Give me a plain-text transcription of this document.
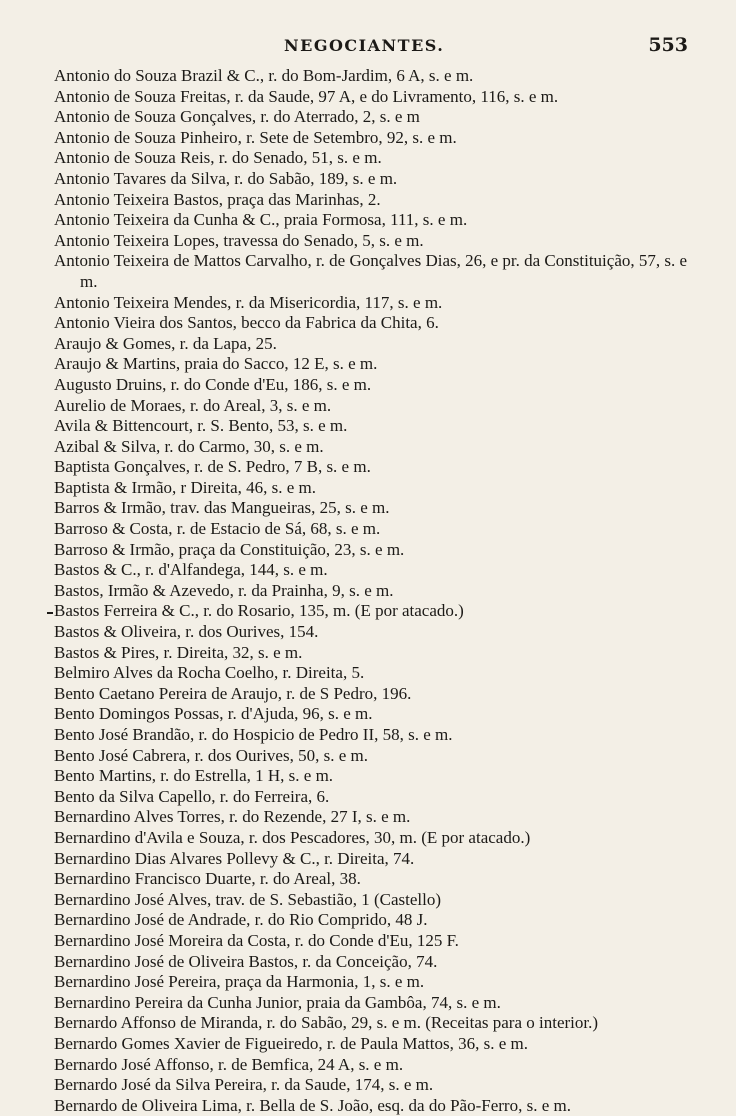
NEGOCIANTES.	553
Antonio do Souza Brazil & C., r. do Bom-Jardim, 6 A, s. e m.
Antonio de Souza Freitas, r. da Saude, 97 A, e do Livramento, 116, s. e m.
Antonio de Souza Gonçalves, r. do Aterrado, 2, s. e m
Antonio de Souza Pinheiro, r. Sete de Setembro, 92, s. e m.
Antonio de Souza Reis, r. do Senado, 51, s. e m.
Antonio Tavares da Silva, r. do Sabão, 189, s. e m.
Antonio Teixeira Bastos, praça das Marinhas, 2.
Antonio Teixeira da Cunha & C., praia Formosa, 111, s. e m.
Antonio Teixeira Lopes, travessa do Senado, 5, s. e m.
Antonio Teixeira de Mattos Carvalho, r. de Gonçalves Dias, 26, e pr. da Constituição, 57, s. e m.
Antonio Teixeira Mendes, r. da Misericordia, 117, s. e m.
Antonio Vieira dos Santos, becco da Fabrica da Chita, 6.
Araujo & Gomes, r. da Lapa, 25.
Araujo & Martins, praia do Sacco, 12 E, s. e m.
Augusto Druins, r. do Conde d'Eu, 186, s. e m.
Aurelio de Moraes, r. do Areal, 3, s. e m.
Avila & Bittencourt, r. S. Bento, 53, s. e m.
Azibal & Silva, r. do Carmo, 30, s. e m.
Baptista Gonçalves, r. de S. Pedro, 7 B, s. e m.
Baptista & Irmão, r Direita, 46, s. e m.
Barros & Irmão, trav. das Mangueiras, 25, s. e m.
Barroso & Costa, r. de Estacio de Sá, 68, s. e m.
Barroso & Irmão, praça da Constituição, 23, s. e m.
Bastos & C., r. d'Alfandega, 144, s. e m.
Bastos, Irmão & Azevedo, r. da Prainha, 9, s. e m.
Bastos Ferreira & C., r. do Rosario, 135, m. (E por atacado.)
Bastos & Oliveira, r. dos Ourives, 154.
Bastos & Pires, r. Direita, 32, s. e m.
Belmiro Alves da Rocha Coelho, r. Direita, 5.
Bento Caetano Pereira de Araujo, r. de S Pedro, 196.
Bento Domingos Possas, r. d'Ajuda, 96, s. e m.
Bento José Brandão, r. do Hospicio de Pedro II, 58, s. e m.
Bento José Cabrera, r. dos Ourives, 50, s. e m.
Bento Martins, r. do Estrella, 1 H, s. e m.
Bento da Silva Capello, r. do Ferreira, 6.
Bernardino Alves Torres, r. do Rezende, 27 I, s. e m.
Bernardino d'Avila e Souza, r. dos Pescadores, 30, m. (E por atacado.)
Bernardino Dias Alvares Pollevy & C., r. Direita, 74.
Bernardino Francisco Duarte, r. do Areal, 38.
Bernardino José Alves, trav. de S. Sebastião, 1 (Castello)
Bernardino José de Andrade, r. do Rio Comprido, 48 J.
Bernardino José Moreira da Costa, r. do Conde d'Eu, 125 F.
Bernardino José de Oliveira Bastos, r. da Conceição, 74.
Bernardino José Pereira, praça da Harmonia, 1, s. e m.
Bernardino Pereira da Cunha Junior, praia da Gambôa, 74, s. e m.
Bernardo Affonso de Miranda, r. do Sabão, 29, s. e m. (Receitas para o interior.)
Bernardo Gomes Xavier de Figueiredo, r. de Paula Mattos, 36, s. e m.
Bernardo José Affonso, r. de Bemfica, 24 A, s. e m.
Bernardo José da Silva Pereira, r. da Saude, 174, s. e m.
Bernardo de Oliveira Lima, r. Bella de S. João, esq. da do Pão-Ferro, s. e m.
